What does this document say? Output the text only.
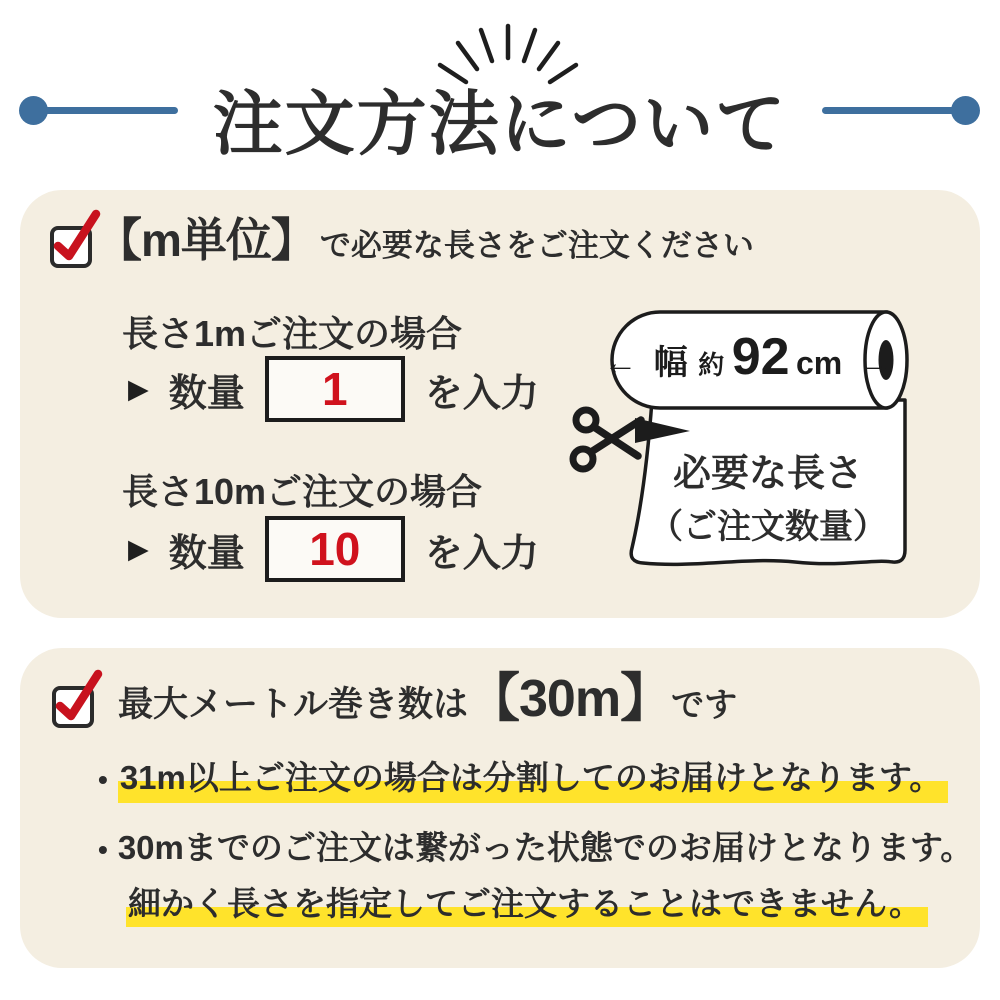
注文方法について
【m単位】 で必要な長さをご注文ください
長さ1mご注文の場合
▶ 数量 1 を入力
長さ10mご注文の場合
▶ 数量 10 を入力
← 幅 約 92 cm →
必要な長さ
（ご注文数量）
最大メートル巻き数は 【30m】 です
• 31m以上ご注文の場合は分割してのお届けとなります。
• 30mまでのご注文は繋がった状態でのお届けとなります。
細かく長さを指定してご注文することはできません。
